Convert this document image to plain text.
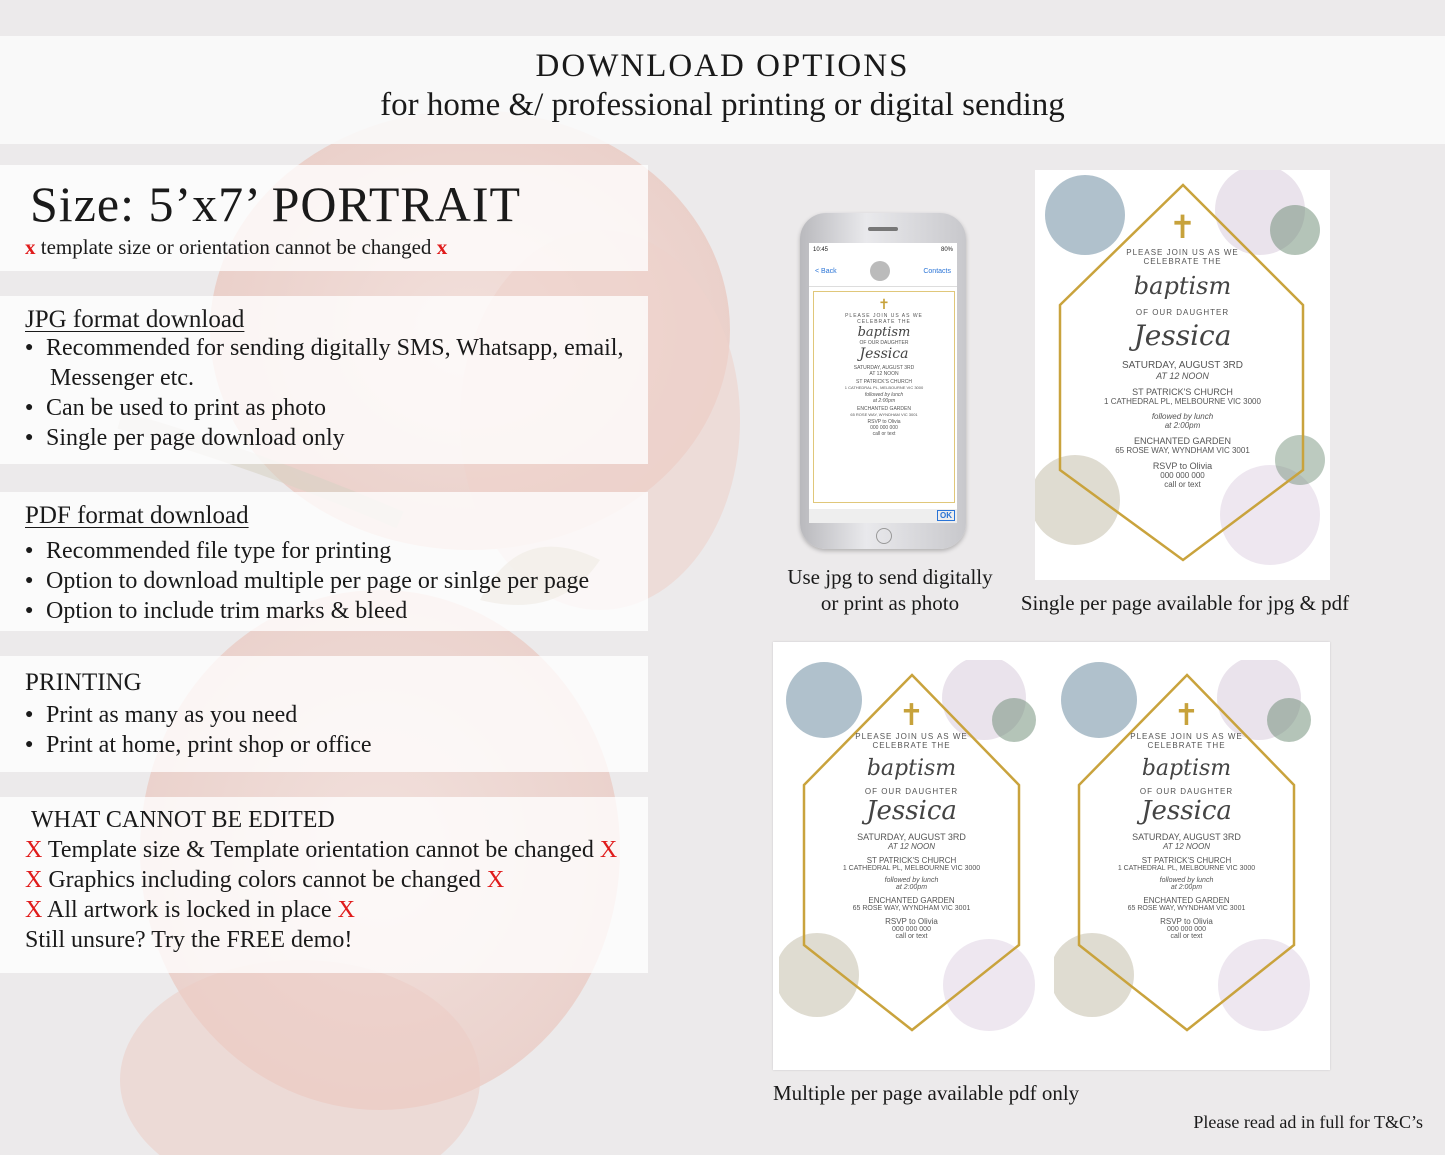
DOWNLOAD OPTIONS
for home &/ professional printing or digital sending
Size: 5’x7’ PORTRAIT
x template size or orientation cannot be changed x
JPG format download
● Recommended for sending digitally SMS, Whatsapp, email,
Messenger etc.
● Can be used to print as photo
● Single per page download only
PDF format download
● Recommended file type for printing
● Option to download multiple per page or sinlge per page
● Option to include trim marks & bleed
PRINTING
● Print as many as you need
● Print at home, print shop or office
WHAT CANNOT BE EDITED
X Template size & Template orientation cannot be changed X
X Graphics including colors cannot be changed X
X All artwork is locked in place X
Still unsure? Try the FREE demo!
10:45	80%
< Back	Contacts
✝
PLEASE JOIN US AS WE
CELEBRATE THE
baptism
OF OUR DAUGHTER
Jessica
SATURDAY, AUGUST 3RD
AT 12 NOON
ST PATRICK'S CHURCH
1 CATHEDRAL PL, MELBOURNE VIC 3000
followed by lunch
at 2:00pm
ENCHANTED GARDEN
65 ROSE WAY, WYNDHAM VIC 3001
RSVP to Olivia
000 000 000
call or text
OK
Use jpg to send digitally
or print as photo
✝
PLEASE JOIN US AS WE
CELEBRATE THE
baptism
OF OUR DAUGHTER
Jessica
SATURDAY, AUGUST 3RD
AT 12 NOON
ST PATRICK'S CHURCH
1 CATHEDRAL PL, MELBOURNE VIC 3000
followed by lunch
at 2:00pm
ENCHANTED GARDEN
65 ROSE WAY, WYNDHAM VIC 3001
RSVP to Olivia
000 000 000
call or text
Single per page available for jpg & pdf
✝
PLEASE JOIN US AS WE
CELEBRATE THE
baptism
OF OUR DAUGHTER
Jessica
SATURDAY, AUGUST 3RD
AT 12 NOON
ST PATRICK'S CHURCH
1 CATHEDRAL PL, MELBOURNE VIC 3000
followed by lunch
at 2:00pm
ENCHANTED GARDEN
65 ROSE WAY, WYNDHAM VIC 3001
RSVP to Olivia
000 000 000
call or text
✝
PLEASE JOIN US AS WE
CELEBRATE THE
baptism
OF OUR DAUGHTER
Jessica
SATURDAY, AUGUST 3RD
AT 12 NOON
ST PATRICK'S CHURCH
1 CATHEDRAL PL, MELBOURNE VIC 3000
followed by lunch
at 2:00pm
ENCHANTED GARDEN
65 ROSE WAY, WYNDHAM VIC 3001
RSVP to Olivia
000 000 000
call or text
Multiple per page available pdf only
Please read ad in full for T&C’s
